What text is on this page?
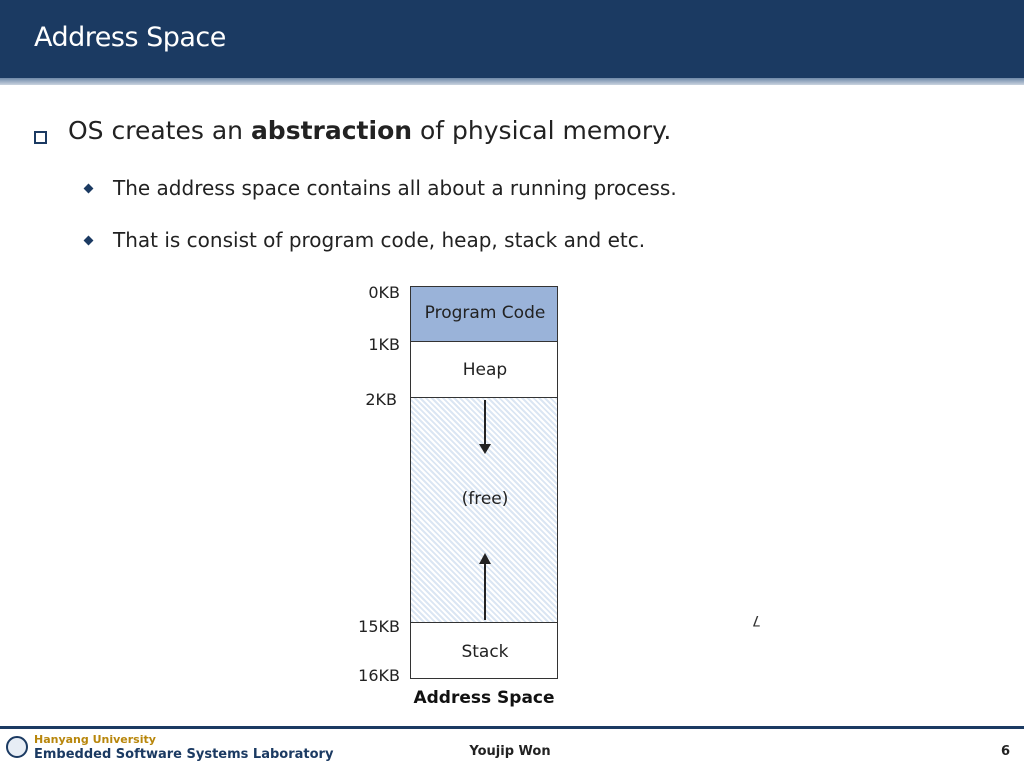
Address Space
OS creates an abstraction of physical memory.
The address space contains all about a running process.
That is consist of program code, heap, stack and etc.
0KB
1KB
2KB
15KB
16KB
Program Code
Heap
(free)
Stack
Address Space
7
Hanyang University
Embedded Software Systems Laboratory	Youjip Won	6
